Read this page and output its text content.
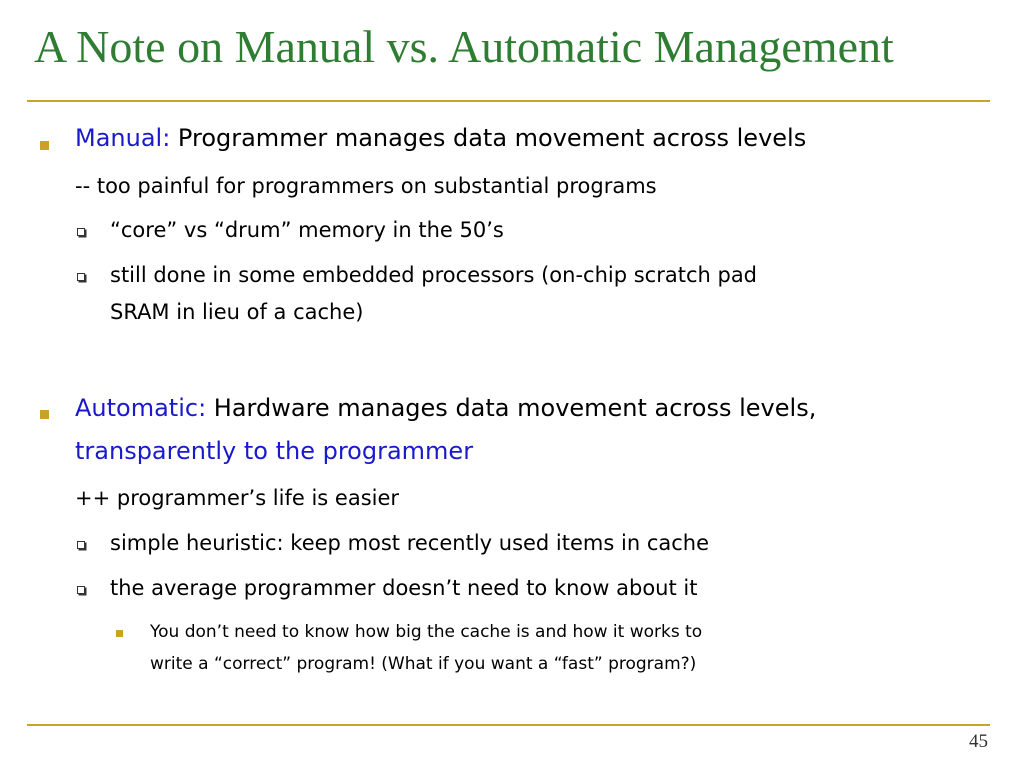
A Note on Manual vs. Automatic Management
Manual: Programmer manages data movement across levels
-- too painful for programmers on substantial programs
“core” vs “drum” memory in the 50’s
still done in some embedded processors (on-chip scratch pad
SRAM in lieu of a cache)
Automatic: Hardware manages data movement across levels,
transparently to the programmer
++ programmer’s life is easier
simple heuristic: keep most recently used items in cache
the average programmer doesn’t need to know about it
You don’t need to know how big the cache is and how it works to
write a “correct” program! (What if you want a “fast” program?)
45
